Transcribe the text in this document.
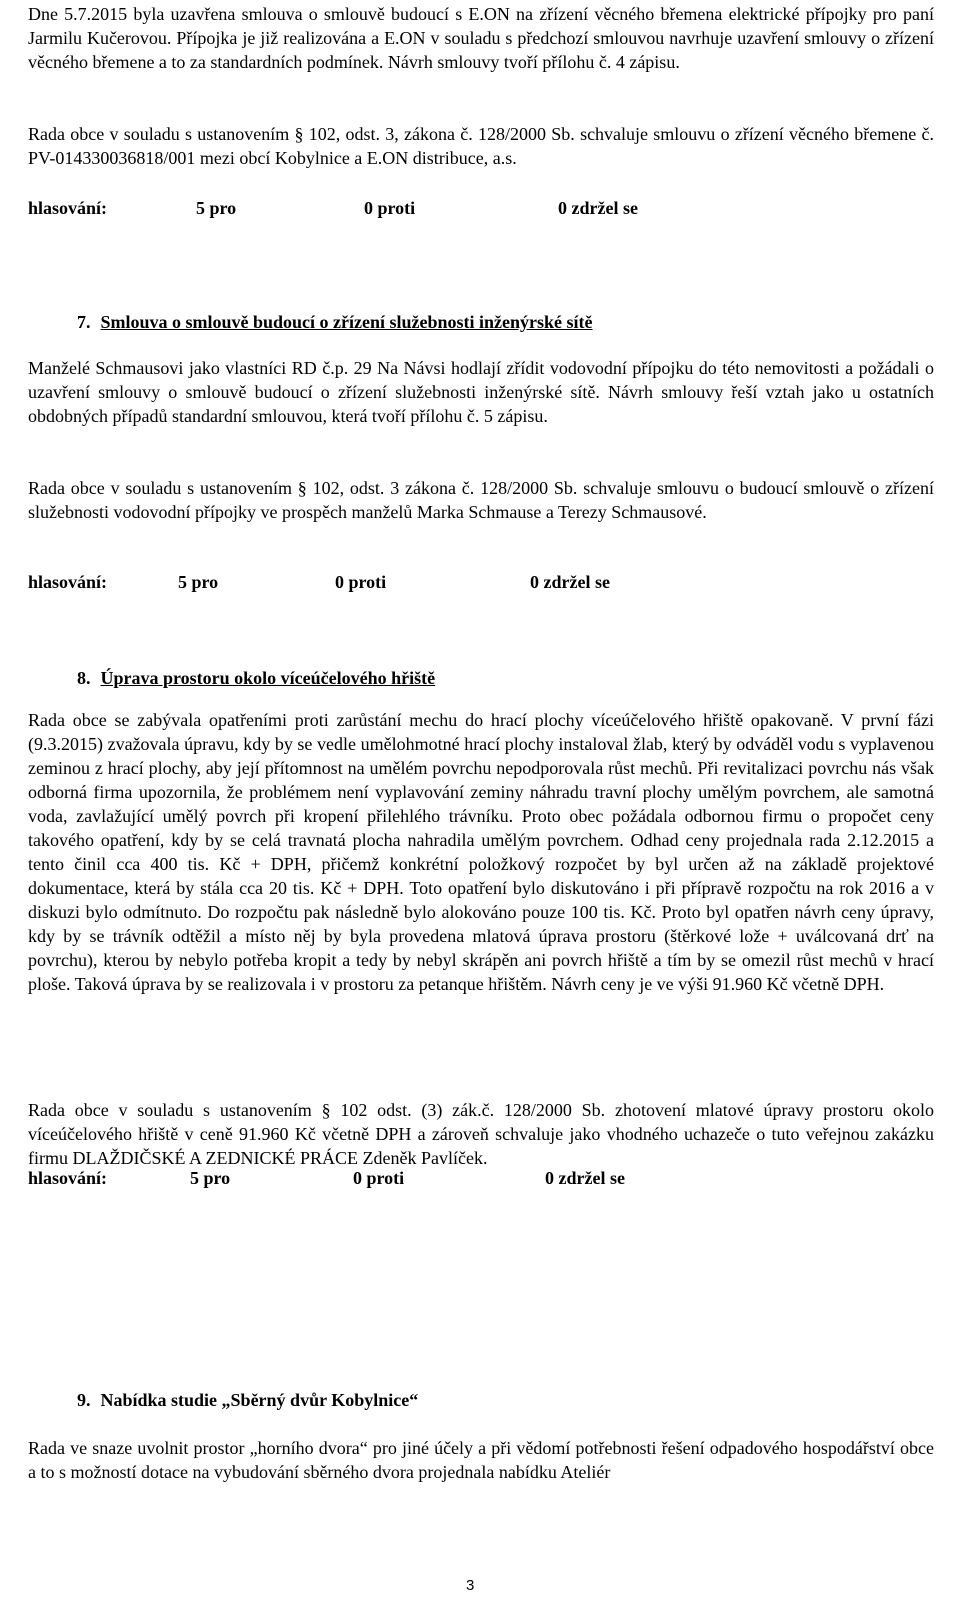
Dne 5.7.2015 byla uzavřena smlouva o smlouvě budoucí s E.ON na zřízení věcného břemena elektrické přípojky pro paní Jarmilu Kučerovou. Přípojka je již realizována a E.ON v souladu s předchozí smlouvou navrhuje uzavření smlouvy o zřízení věcného břemene a to za standardních podmínek. Návrh smlouvy tvoří přílohu č. 4 zápisu.

Rada obce v souladu s ustanovením § 102, odst. 3, zákona č. 128/2000 Sb. schvaluje smlouvu o zřízení věcného břemene č. PV-014330036818/001 mezi obcí Kobylnice a E.ON distribuce, a.s.

hlasování:	5 pro	0 proti	0 zdržel se
7. Smlouva o smlouvě budoucí o zřízení služebnosti inženýrské sítě

Manželé Schmausovi jako vlastníci RD č.p. 29 Na Návsi hodlají zřídit vodovodní přípojku do této nemovitosti a požádali o uzavření smlouvy o smlouvě budoucí o zřízení služebnosti inženýrské sítě. Návrh smlouvy řeší vztah jako u ostatních obdobných případů standardní smlouvou, která tvoří přílohu č. 5 zápisu.

Rada obce v souladu s ustanovením § 102, odst. 3 zákona č. 128/2000 Sb. schvaluje smlouvu o budoucí smlouvě o zřízení služebnosti vodovodní přípojky ve prospěch manželů Marka Schmause a Terezy Schmausové.

hlasování:	5 pro	0 proti	0 zdržel se
8. Úprava prostoru okolo víceúčelového hřiště

Rada obce se zabývala opatřeními proti zarůstání mechu do hrací plochy víceúčelového hřiště opakovaně. V první fázi (9.3.2015) zvažovala úpravu, kdy by se vedle umělohmotné hrací plochy instaloval žlab, který by odváděl vodu s vyplavenou zeminou z hrací plochy, aby její přítomnost na umělém povrchu nepodporovala růst mechů. Při revitalizaci povrchu nás však odborná firma upozornila, že problémem není vyplavování zeminy náhradu travní plochy umělým povrchem, ale samotná voda, zavlažující umělý povrch při kropení přilehlého trávníku. Proto obec požádala odbornou firmu o propočet ceny takového opatření, kdy by se celá travnatá plocha nahradila umělým povrchem. Odhad ceny projednala rada 2.12.2015 a tento činil cca 400 tis. Kč + DPH, přičemž konkrétní položkový rozpočet by byl určen až na základě projektové dokumentace, která by stála cca 20 tis. Kč + DPH. Toto opatření bylo diskutováno i při přípravě rozpočtu na rok 2016 a v diskuzi bylo odmítnuto. Do rozpočtu pak následně bylo alokováno pouze 100 tis. Kč. Proto byl opatřen návrh ceny úpravy, kdy by se trávník odtěžil a místo něj by byla provedena mlatová úprava prostoru (štěrkové lože + uválcovaná drť na povrchu), kterou by nebylo potřeba kropit a tedy by nebyl skrápěn ani povrch hřiště a tím by se omezil růst mechů v hrací ploše. Taková úprava by se realizovala i v prostoru za petanque hřištěm. Návrh ceny je ve výši 91.960 Kč včetně DPH.

Rada obce v souladu s ustanovením § 102 odst. (3) zák.č. 128/2000 Sb. zhotovení mlatové úpravy prostoru okolo víceúčelového hřiště v ceně 91.960 Kč včetně DPH a zároveň schvaluje jako vhodného uchazeče o tuto veřejnou zakázku firmu DLAŽDIČSKÉ A ZEDNICKÉ PRÁCE Zdeněk Pavlíček.

hlasování:	5 pro	0 proti	0 zdržel se
9. Nabídka studie „Sběrný dvůr Kobylnice“

Rada ve snaze uvolnit prostor „horního dvora“ pro jiné účely a při vědomí potřebnosti řešení odpadového hospodářství obce a to s možností dotace na vybudování sběrného dvora projednala nabídku Ateliér

3
